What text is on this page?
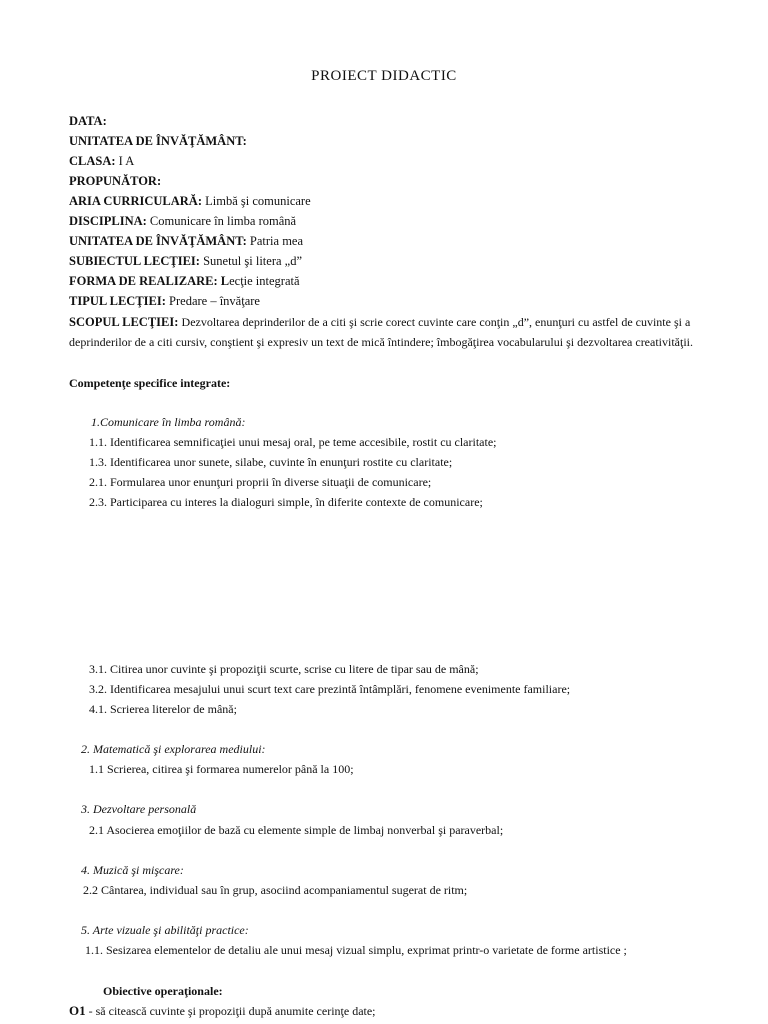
PROIECT DIDACTIC
DATA:
UNITATEA DE ÎNVĂŢĂMÂNT:
CLASA: I A
PROPUNĂTOR:
ARIA CURRICULARĂ: Limbă şi comunicare
DISCIPLINA: Comunicare în limba română
UNITATEA DE ÎNVĂŢĂMÂNT: Patria mea
SUBIECTUL LECŢIEI: Sunetul şi litera „d”
FORMA DE REALIZARE: Lecţie integrată
TIPUL LECŢIEI: Predare – învăţare
SCOPUL LECŢIEI: Dezvoltarea deprinderilor de a citi şi scrie corect cuvinte care conţin „d”, enunţuri cu astfel de cuvinte şi a deprinderilor de a citi cursiv, conştient şi expresiv un text de mică întindere; îmbogăţirea vocabularului şi dezvoltarea creativităţii.
Competenţe specifice integrate:
1.Comunicare în limba română:
1.1. Identificarea semnificaţiei unui mesaj oral, pe teme accesibile, rostit cu claritate;
1.3. Identificarea unor sunete, silabe, cuvinte în enunţuri rostite cu claritate;
2.1. Formularea unor enunţuri proprii în diverse situaţii de comunicare;
2.3. Participarea cu interes la dialoguri simple, în diferite contexte de comunicare;
3.1. Citirea unor cuvinte şi propoziţii scurte, scrise cu litere de tipar sau de mână;
3.2. Identificarea mesajului unui scurt text care prezintă întâmplări, fenomene evenimente familiare;
4.1. Scrierea literelor de mână;
2. Matematică şi explorarea mediului:
1.1 Scrierea, citirea şi formarea numerelor până la 100;
3. Dezvoltare personală
2.1 Asocierea emoţiilor de bază cu elemente simple de limbaj nonverbal şi paraverbal;
4. Muzică şi mişcare:
2.2 Cântarea, individual sau în grup, asociind acompaniamentul sugerat de ritm;
5. Arte vizuale şi abilităţi practice:
1.1. Sesizarea elementelor de detaliu ale unui mesaj vizual simplu, exprimat printr-o varietate de forme artistice ;
Obiective operaţionale:
O1 - să citească cuvinte şi propoziţii după anumite cerinţe date;
